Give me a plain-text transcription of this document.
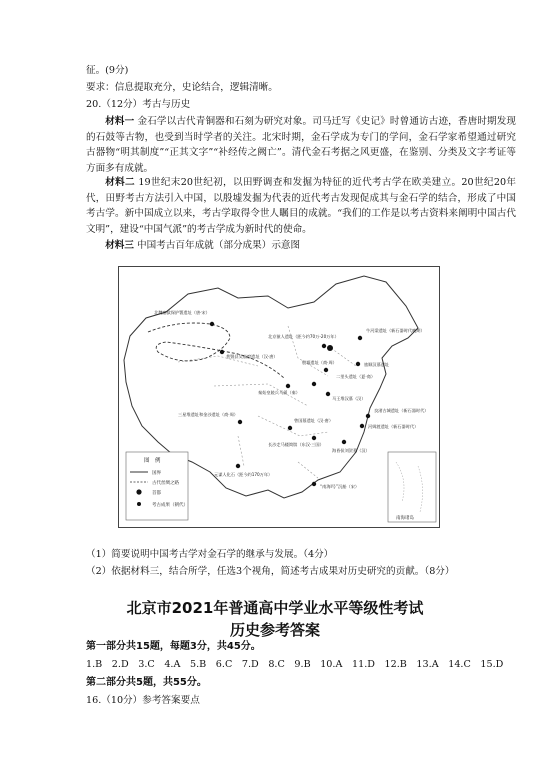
征。(9分)
要求：信息提取充分，史论结合，逻辑清晰。
20.（12分）考古与历史
材料一 金石学以古代青铜器和石刻为研究对象。司马迁写《史记》时曾通访古迹，香唐时期发现的石鼓等古物，也受到当时学者的关注。北宋时期，金石学成为专门的学问，金石学家希望通过研究古器物“明其制度”“正其文字”“补经传之阙亡”。清代金石考据之风更盛，在鉴别、分类及文字考证等方面多有成就。
材料二 19世纪末20世纪初，以田野调查和发掘为特征的近代考古学在欧美建立。20世纪20年代，田野考古方法引入中国，以殷墟发掘为代表的近代考古发现促成其与金石学的结合，形成了中国考古学。新中国成立以来，考古学取得令世人瞩目的成就。“我们的工作是以考古资料来阐明中国古代文明”，建设“中国气派”的考古学成为新时代的使命。
材料三 中国考古百年成就（部分成果）示意图
北魏塞狱保护署遗址（唐·宋）
普暨县吴庙窟遗址（汉·唐）
北京猿人遗址（距今约70万-20万年）
牛河梁遗址（新石器时代晚期）
旅顺汉墓遗址
二里头遗址（夏·商）
殷墟遗址（商·周）
马王堆汉墓（汉）
秦始皇陵兵马俑（秦）
三星堆遗址和金沙遗址（商·周）
曾国墓遗址（汉·唐）
长沙走马楼简牍（东汉·三国）
良渚古城遗址（新石器时代）
河姆渡遗址（新石器时代）
海昏侯刘贺墓（汉）
元谋人化石（距今约170万年）
“南海Ⅰ号”沉船（宋）
图　例
国界
古代丝绸之路
首都
考古成果（朝代）
南海诸岛
（1）简要说明中国考古学对金石学的继承与发展。（4分）
（2）依据材料三，结合所学，任选3个视角，简述考古成果对历史研究的贡献。（8分）
北京市2021年普通高中学业水平等级性考试
历史参考答案
第一部分共15题，每题3分，共45分。
1.B　2.D　3.C　4.A　5.B　6.C　7.D　8.C　9.B　10.A　11.D　12.B　13.A　14.C　15.D
第二部分共5题，共55分。
16.（10分）参考答案要点
